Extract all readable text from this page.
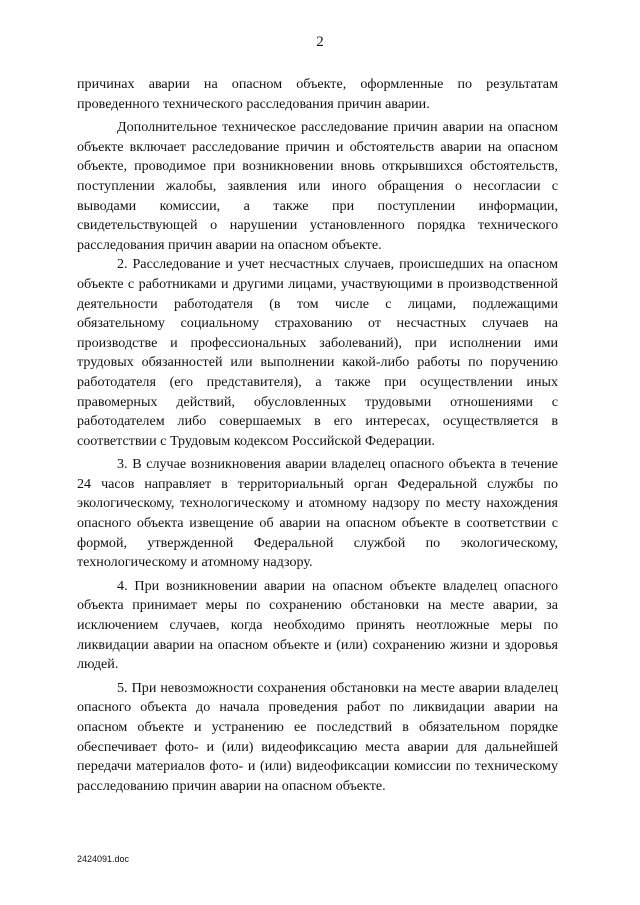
2

причинах аварии на опасном объекте, оформленные по результатам проведенного технического расследования причин аварии.

Дополнительное техническое расследование причин аварии на опасном объекте включает расследование причин и обстоятельств аварии на опасном объекте, проводимое при возникновении вновь открывшихся обстоятельств, поступлении жалобы, заявления или иного обращения о несогласии с выводами комиссии, а также при поступлении информации, свидетельствующей о нарушении установленного порядка технического расследования причин аварии на опасном объекте.

2. Расследование и учет несчастных случаев, происшедших на опасном объекте с работниками и другими лицами, участвующими в производственной деятельности работодателя (в том числе с лицами, подлежащими обязательному социальному страхованию от несчастных случаев на производстве и профессиональных заболеваний), при исполнении ими трудовых обязанностей или выполнении какой-либо работы по поручению работодателя (его представителя), а также при осуществлении иных правомерных действий, обусловленных трудовыми отношениями с работодателем либо совершаемых в его интересах, осуществляется в соответствии с Трудовым кодексом Российской Федерации.

3. В случае возникновения аварии владелец опасного объекта в течение 24 часов направляет в территориальный орган Федеральной службы по экологическому, технологическому и атомному надзору по месту нахождения опасного объекта извещение об аварии на опасном объекте в соответствии с формой, утвержденной Федеральной службой по экологическому, технологическому и атомному надзору.

4. При возникновении аварии на опасном объекте владелец опасного объекта принимает меры по сохранению обстановки на месте аварии, за исключением случаев, когда необходимо принять неотложные меры по ликвидации аварии на опасном объекте и (или) сохранению жизни и здоровья людей.

5. При невозможности сохранения обстановки на месте аварии владелец опасного объекта до начала проведения работ по ликвидации аварии на опасном объекте и устранению ее последствий в обязательном порядке обеспечивает фото- и (или) видеофиксацию места аварии для дальнейшей передачи материалов фото- и (или) видеофиксации комиссии по техническому расследованию причин аварии на опасном объекте.

2424091.doc
